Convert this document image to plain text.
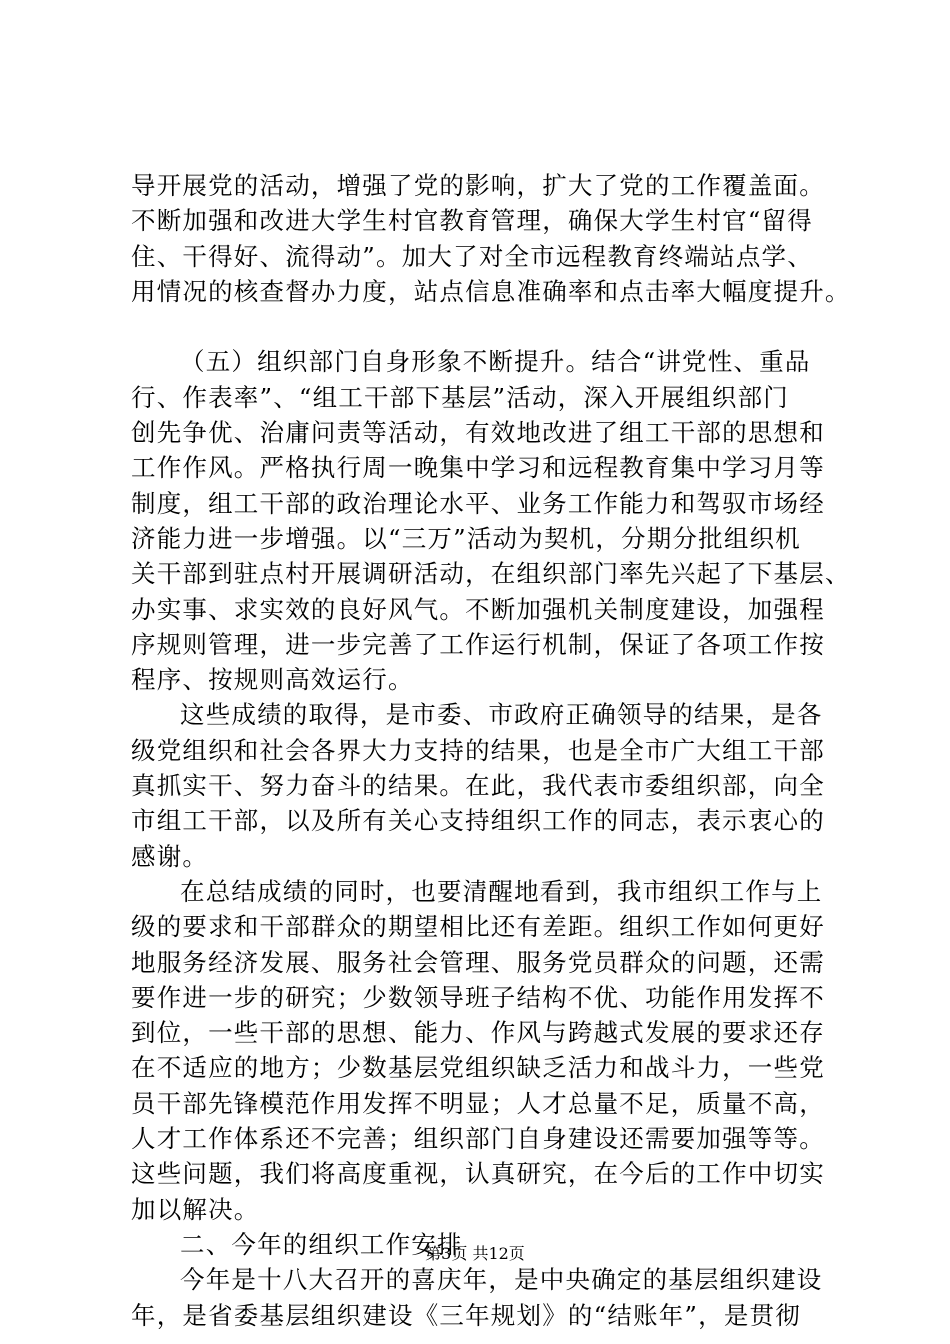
导开展党的活动，增强了党的影响，扩大了党的工作覆盖面。
不断加强和改进大学生村官教育管理，确保大学生村官“留得
住、干得好、流得动”。加大了对全市远程教育终端站点学、
用情况的核查督办力度，站点信息准确率和点击率大幅度提升。
（五）组织部门自身形象不断提升。结合“讲党性、重品
行、作表率”、“组工干部下基层”活动，深入开展组织部门
创先争优、治庸问责等活动，有效地改进了组工干部的思想和
工作作风。严格执行周一晚集中学习和远程教育集中学习月等
制度，组工干部的政治理论水平、业务工作能力和驾驭市场经
济能力进一步增强。以“三万”活动为契机，分期分批组织机
关干部到驻点村开展调研活动，在组织部门率先兴起了下基层、
办实事、求实效的良好风气。不断加强机关制度建设，加强程
序规则管理，进一步完善了工作运行机制，保证了各项工作按
程序、按规则高效运行。
这些成绩的取得，是市委、市政府正确领导的结果，是各
级党组织和社会各界大力支持的结果，也是全市广大组工干部
真抓实干、努力奋斗的结果。在此，我代表市委组织部，向全
市组工干部，以及所有关心支持组织工作的同志，表示衷心的
感谢。
在总结成绩的同时，也要清醒地看到，我市组织工作与上
级的要求和干部群众的期望相比还有差距。组织工作如何更好
地服务经济发展、服务社会管理、服务党员群众的问题，还需
要作进一步的研究；少数领导班子结构不优、功能作用发挥不
到位，一些干部的思想、能力、作风与跨越式发展的要求还存
在不适应的地方；少数基层党组织缺乏活力和战斗力，一些党
员干部先锋模范作用发挥不明显；人才总量不足，质量不高，
人才工作体系还不完善；组织部门自身建设还需要加强等等。
这些问题，我们将高度重视，认真研究，在今后的工作中切实
加以解决。
二、今年的组织工作安排
今年是十八大召开的喜庆年，是中央确定的基层组织建设
年，是省委基层组织建设《三年规划》的“结账年”，是贯彻
第3页 共12页
